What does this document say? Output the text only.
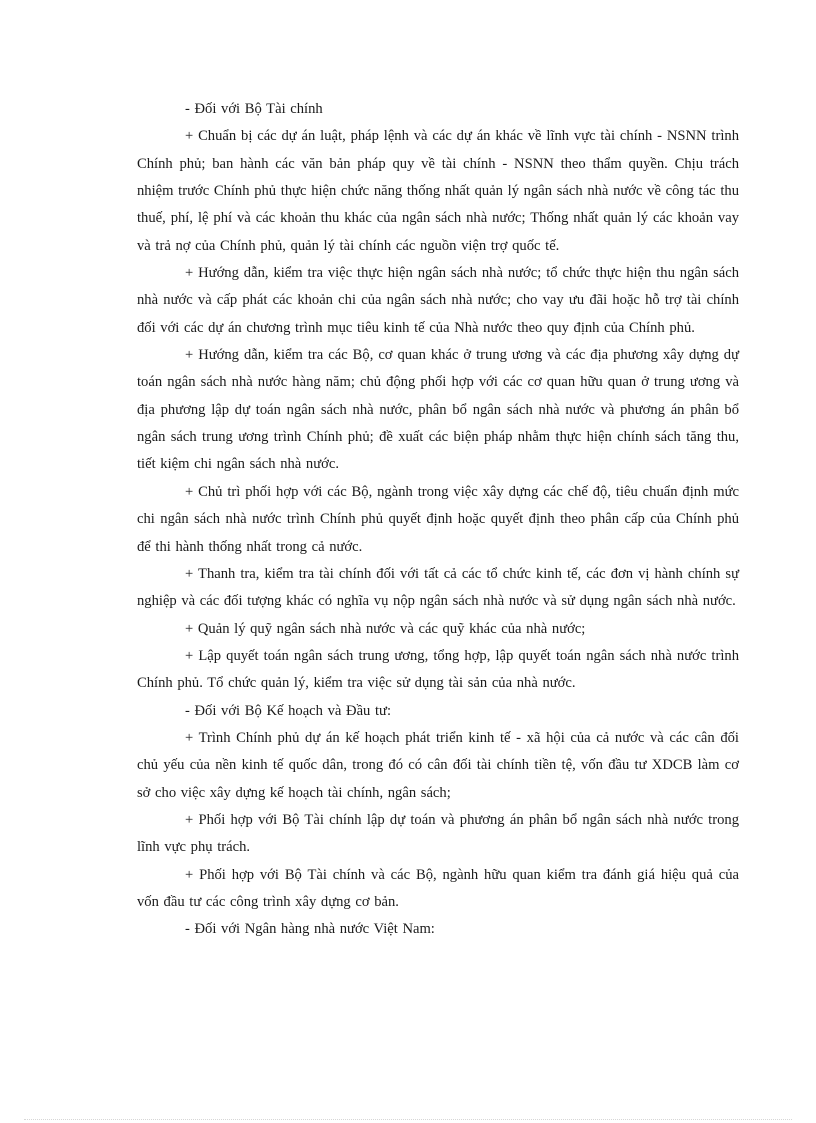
- Đối với Bộ Tài chính

+ Chuẩn bị các dự án luật, pháp lệnh và các dự án khác về lĩnh vực tài chính - NSNN trình Chính phủ; ban hành các văn bản pháp quy về tài chính - NSNN theo thẩm quyền. Chịu trách nhiệm trước Chính phủ thực hiện chức năng thống nhất quản lý ngân sách nhà nước về công tác thu thuế, phí, lệ phí và các khoản thu khác của ngân sách nhà nước; Thống nhất quản lý các khoản vay và trả nợ của Chính phủ, quản lý tài chính các nguồn viện trợ quốc tế.

+ Hướng dẫn, kiểm tra việc thực hiện ngân sách nhà nước; tổ chức thực hiện thu ngân sách nhà nước và cấp phát các khoản chi của ngân sách nhà nước; cho vay ưu đãi hoặc hỗ trợ tài chính đối với các dự án chương trình mục tiêu kinh tế của Nhà nước theo quy định của Chính phủ.

+ Hướng dẫn, kiểm tra các Bộ, cơ quan khác ở trung ương và các địa phương xây dựng dự toán ngân sách nhà nước hàng năm; chủ động phối hợp với các cơ quan hữu quan ở trung ương và địa phương lập dự toán ngân sách nhà nước, phân bổ ngân sách nhà nước và phương án phân bổ ngân sách trung ương trình Chính phủ; đề xuất các biện pháp nhằm thực hiện chính sách tăng thu, tiết kiệm chi ngân sách nhà nước.

+ Chủ trì phối hợp với các Bộ, ngành trong việc xây dựng các chế độ, tiêu chuẩn định mức chi ngân sách nhà nước trình Chính phủ quyết định hoặc quyết định theo phân cấp của Chính phủ để thi hành thống nhất trong cả nước.

+ Thanh tra, kiểm tra tài chính đối với tất cả các tổ chức kinh tế, các đơn vị hành chính sự nghiệp và các đối tượng khác có nghĩa vụ nộp ngân sách nhà nước và sử dụng ngân sách nhà nước.

+ Quản lý quỹ ngân sách nhà nước và các quỹ khác của nhà nước;

+ Lập quyết toán ngân sách trung ương, tổng hợp, lập quyết toán ngân sách nhà nước trình Chính phủ. Tổ chức quản lý, kiểm tra việc sử dụng tài sản của nhà nước.

- Đối với Bộ Kế hoạch và Đầu tư:

+ Trình Chính phủ dự án kế hoạch phát triển kinh tế - xã hội của cả nước và các cân đối chủ yếu của nền kinh tế quốc dân, trong đó có cân đối tài chính tiền tệ, vốn đầu tư XDCB làm cơ sở cho việc xây dựng kế hoạch tài chính, ngân sách;

+ Phối hợp với Bộ Tài chính lập dự toán và phương án phân bổ ngân sách nhà nước trong lĩnh vực phụ trách.

+ Phối hợp với Bộ Tài chính và các Bộ, ngành hữu quan kiểm tra đánh giá hiệu quả của vốn đầu tư các công trình xây dựng cơ bản.

- Đối với Ngân hàng nhà nước Việt Nam:
